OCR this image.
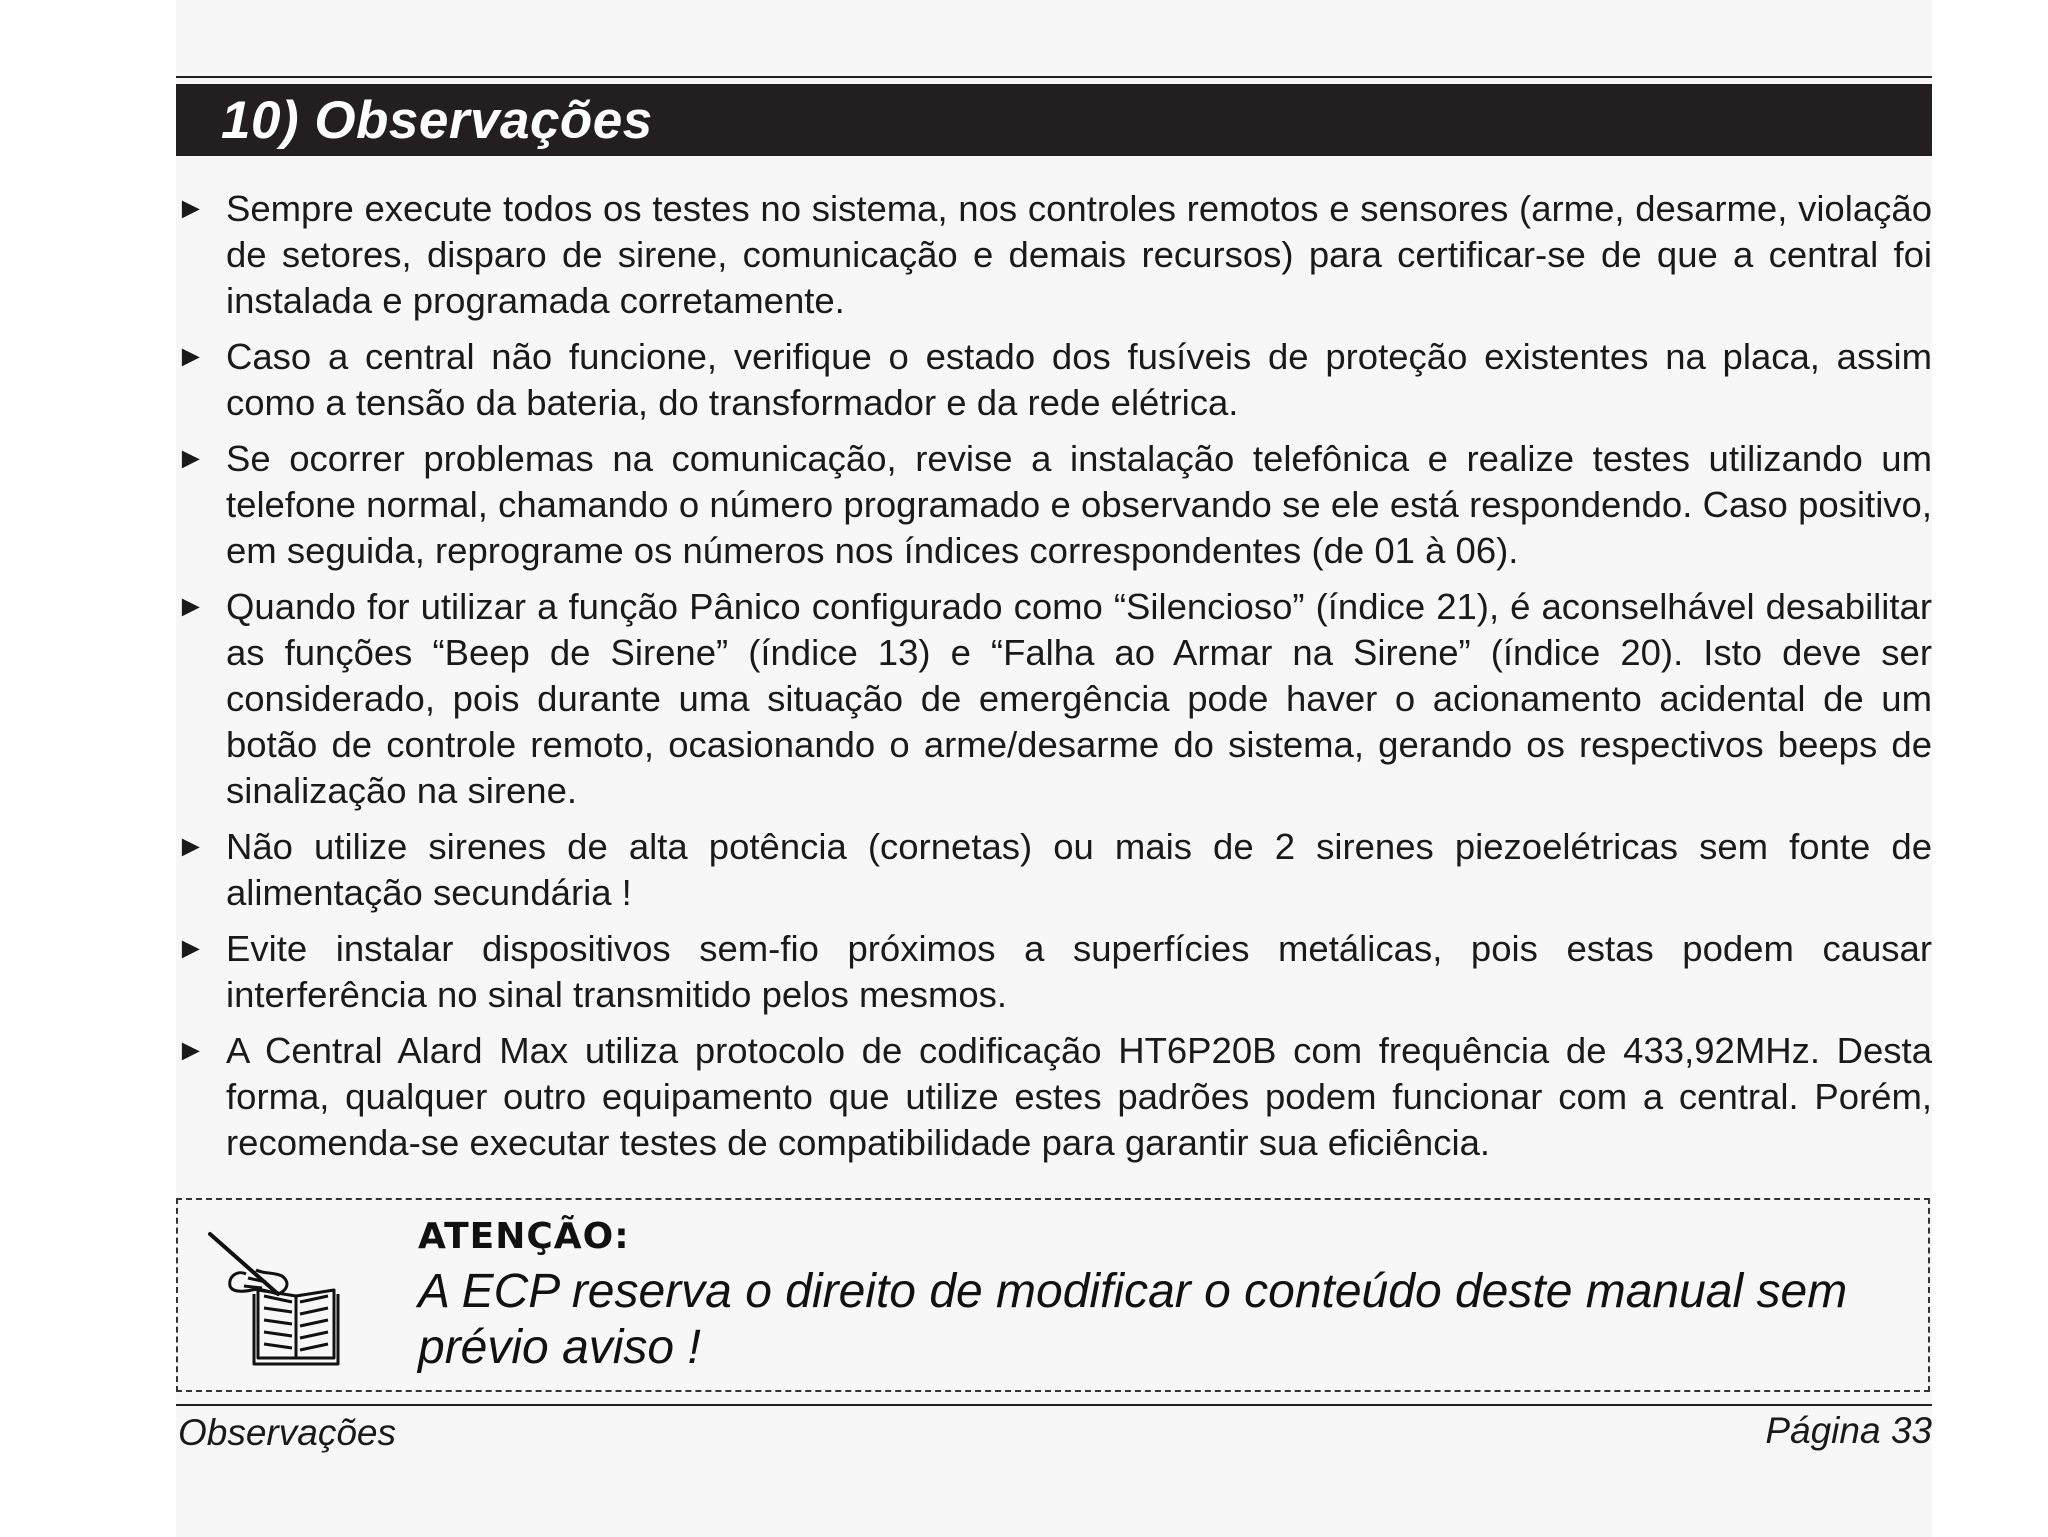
10) Observações
► Sempre execute todos os testes no sistema, nos controles remotos e sensores (arme, desarme, violação de setores, disparo de sirene, comunicação e demais recursos) para certificar-se de que a central foi instalada e programada corretamente.
► Caso a central não funcione, verifique o estado dos fusíveis de proteção existentes na placa, assim como a tensão da bateria, do transformador e da rede elétrica.
► Se ocorrer problemas na comunicação, revise a instalação telefônica e realize testes utilizando um telefone normal, chamando o número programado e observando se ele está respondendo. Caso positivo, em seguida, reprograme os números nos índices correspondentes (de 01 à 06).
► Quando for utilizar a função Pânico configurado como “Silencioso” (índice 21), é aconselhável desabilitar as funções “Beep de Sirene” (índice 13) e “Falha ao Armar na Sirene” (índice 20). Isto deve ser considerado, pois durante uma situação de emergência pode haver o acionamento acidental de um botão de controle remoto, ocasionando o arme/desarme do sistema, gerando os respectivos beeps de sinalização na sirene.
► Não utilize sirenes de alta potência (cornetas) ou mais de 2 sirenes piezoelétricas sem fonte de alimentação secundária !
► Evite instalar dispositivos sem-fio próximos a superfícies metálicas, pois estas podem causar interferência no sinal transmitido pelos mesmos.
► A Central Alard Max utiliza protocolo de codificação HT6P20B com frequência de 433,92MHz. Desta forma, qualquer outro equipamento que utilize estes padrões podem funcionar com a central. Porém, recomenda-se executar testes de compatibilidade para garantir sua eficiência.
ATENÇÃO:
A ECP reserva o direito de modificar o conteúdo deste manual sem prévio aviso !
Observações	Página 33
